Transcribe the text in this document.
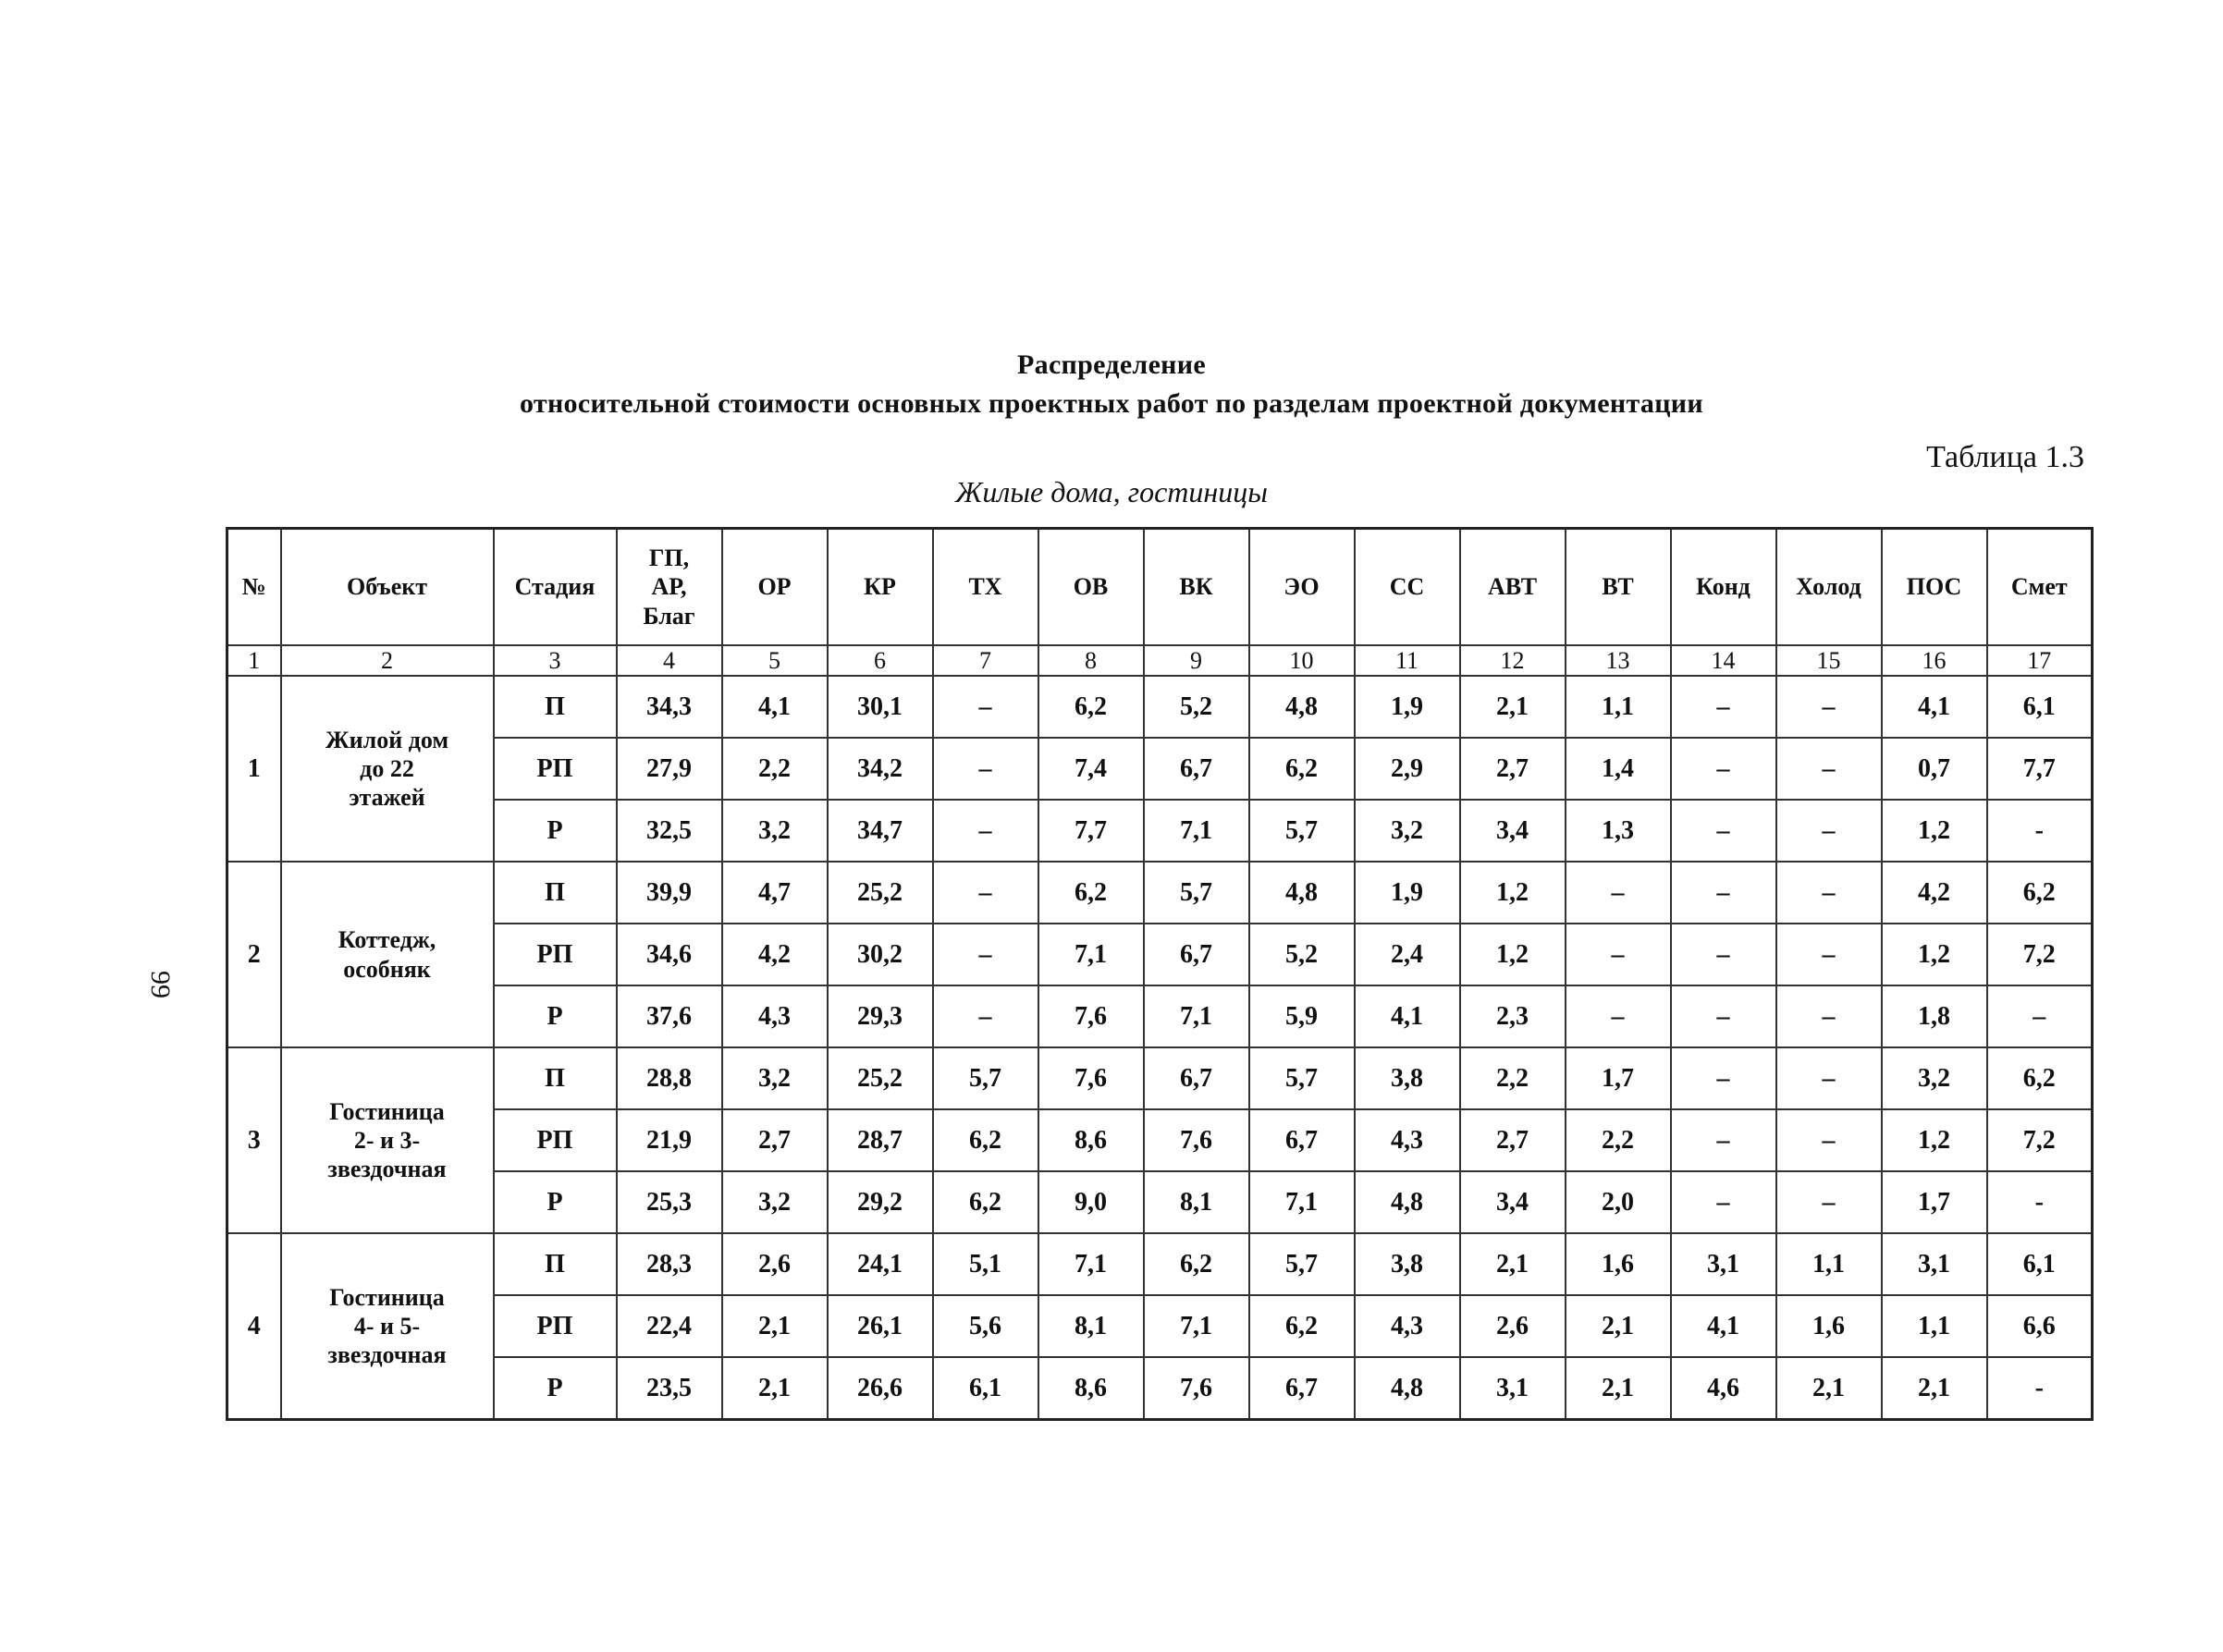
Распределение
относительной стоимости основных проектных работ по разделам проектной документации
Таблица 1.3
Жилые дома, гостиницы
99
№	Объект	Стадия	ГП,
АР,
Благ	ОР	КР	ТХ	ОВ	ВК	ЭО	СС	АВТ	ВТ	Конд	Холод	ПОС	Смет
1	2	3	4	5	6	7	8	9	10	11	12	13	14	15	16	17
1	Жилой дом
до 22
этажей	П	34,3	4,1	30,1	–	6,2	5,2	4,8	1,9	2,1	1,1	–	–	4,1	6,1
		РП	27,9	2,2	34,2	–	7,4	6,7	6,2	2,9	2,7	1,4	–	–	0,7	7,7
		Р	32,5	3,2	34,7	–	7,7	7,1	5,7	3,2	3,4	1,3	–	–	1,2	-
2	Коттедж,
особняк	П	39,9	4,7	25,2	–	6,2	5,7	4,8	1,9	1,2	–	–	–	4,2	6,2
		РП	34,6	4,2	30,2	–	7,1	6,7	5,2	2,4	1,2	–	–	–	1,2	7,2
		Р	37,6	4,3	29,3	–	7,6	7,1	5,9	4,1	2,3	–	–	–	1,8	–
3	Гостиница
2- и 3-
звездочная	П	28,8	3,2	25,2	5,7	7,6	6,7	5,7	3,8	2,2	1,7	–	–	3,2	6,2
		РП	21,9	2,7	28,7	6,2	8,6	7,6	6,7	4,3	2,7	2,2	–	–	1,2	7,2
		Р	25,3	3,2	29,2	6,2	9,0	8,1	7,1	4,8	3,4	2,0	–	–	1,7	-
4	Гостиница
4- и 5-
звездочная	П	28,3	2,6	24,1	5,1	7,1	6,2	5,7	3,8	2,1	1,6	3,1	1,1	3,1	6,1
		РП	22,4	2,1	26,1	5,6	8,1	7,1	6,2	4,3	2,6	2,1	4,1	1,6	1,1	6,6
		Р	23,5	2,1	26,6	6,1	8,6	7,6	6,7	4,8	3,1	2,1	4,6	2,1	2,1	-
